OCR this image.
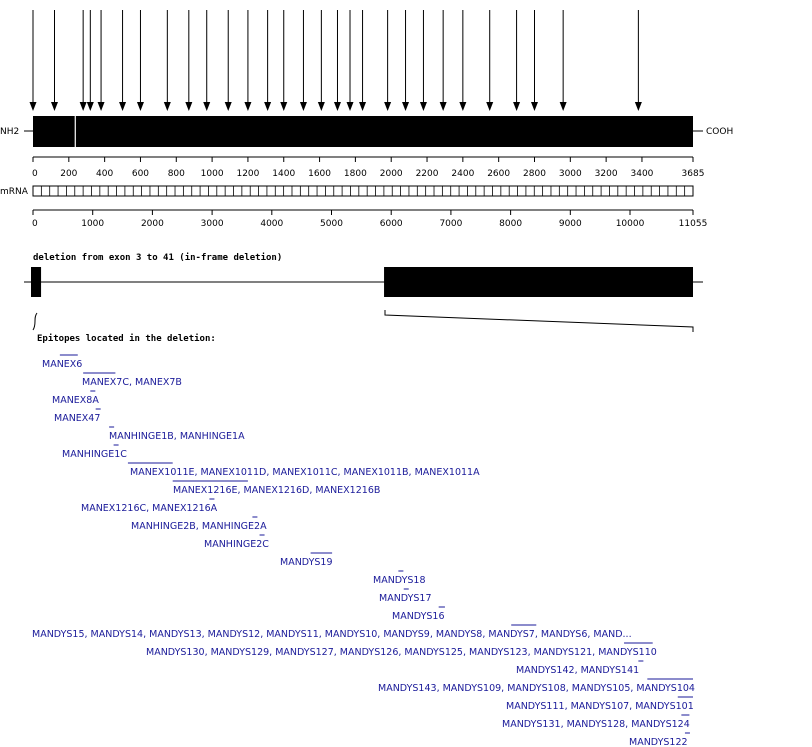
NH2	COOH
0 200 400 600 800 1000 1200 1400 1600 1800 2000 2200 2400 2600 2800 3000 3200 3400	3685
mRNA
0	1000	2000	3000	4000	5000	6000	7000	8000	9000	10000	11055
deletion from exon 3 to 41 (in-frame deletion)
Epitopes located in the deletion:
MANEX6
MANEX7C, MANEX7B
MANEX8A
MANEX47
MANHINGE1B, MANHINGE1A
MANHINGE1C
MANEX1011E, MANEX1011D, MANEX1011C, MANEX1011B, MANEX1011A
MANEX1216E, MANEX1216D, MANEX1216B
MANEX1216C, MANEX1216A
MANHINGE2B, MANHINGE2A
MANHINGE2C
MANDYS19
MANDYS18
MANDYS17
MANDYS16
MANDYS15, MANDYS14, MANDYS13, MANDYS12, MANDYS11, MANDYS10, MANDYS9, MANDYS8, MANDYS7, MANDYS6, MAND...
MANDYS130, MANDYS129, MANDYS127, MANDYS126, MANDYS125, MANDYS123, MANDYS121, MANDYS110
MANDYS142, MANDYS141
MANDYS143, MANDYS109, MANDYS108, MANDYS105, MANDYS104
MANDYS111, MANDYS107, MANDYS101
MANDYS131, MANDYS128, MANDYS124
MANDYS122
